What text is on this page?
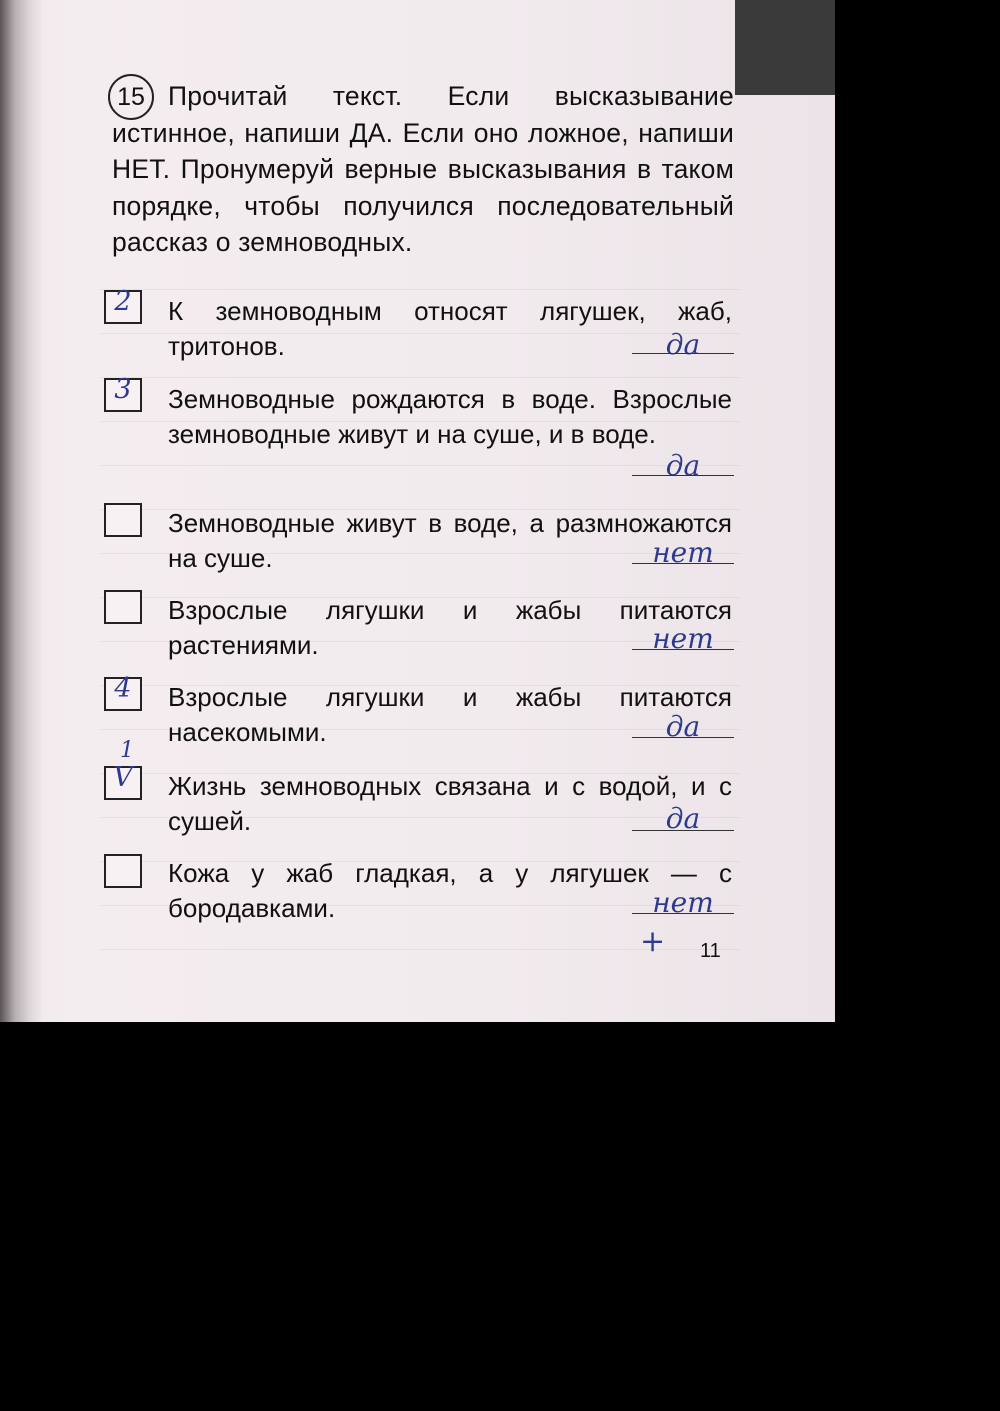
15 Прочитай текст. Если высказывание истинное, напиши ДА. Если оно ложное, напиши НЕТ. Пронумеруй верные высказывания в таком порядке, чтобы получился последовательный рассказ о земноводных.
2 К земноводным относят лягушек, жаб, тритонов.	да
3 Земноводные рождаются в воде. Взрослые земноводные живут и на суше, и в воде.
да
Земноводные живут в воде, а размножаются на суше.	нет
Взрослые лягушки и жабы питаются растениями.	нет
4 Взрослые лягушки и жабы питаются насекомыми.	да
1
V Жизнь земноводных связана и с водой, и с сушей.	да
Кожа у жаб гладкая, а у лягушек — с бородавками.	нет
+ 11
